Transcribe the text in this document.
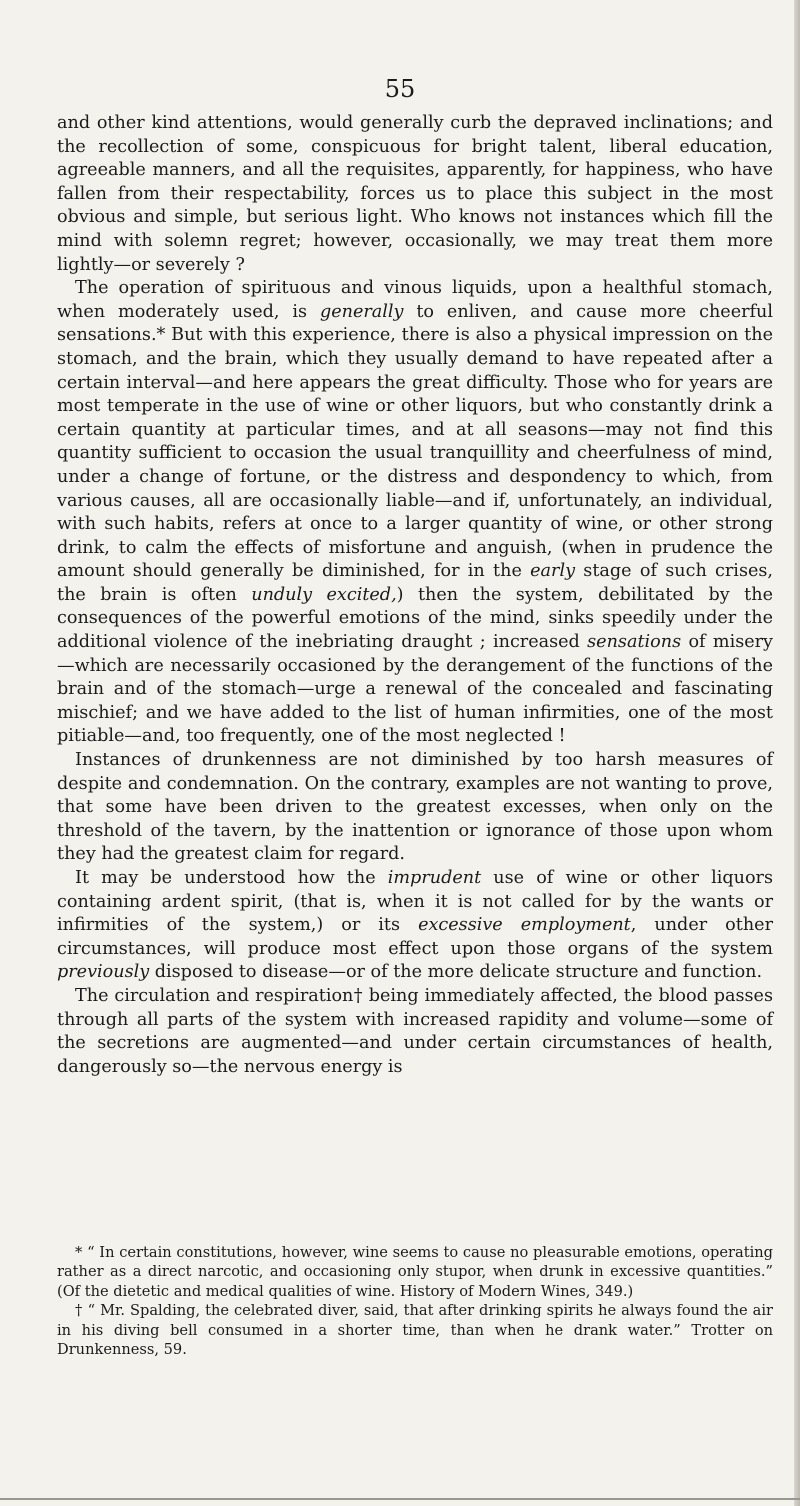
55

and other kind attentions, would generally curb the depraved inclinations; and the recollection of some, conspicuous for bright talent, liberal education, agreeable manners, and all the requisites, apparently, for happiness, who have fallen from their respectability, forces us to place this subject in the most obvious and simple, but serious light. Who knows not instances which fill the mind with solemn regret; however, occasionally, we may treat them more lightly—or severely ?

The operation of spirituous and vinous liquids, upon a healthful stomach, when moderately used, is generally to enliven, and cause more cheerful sensations.* But with this experience, there is also a physical impression on the stomach, and the brain, which they usually demand to have repeated after a certain interval—and here appears the great difficulty. Those who for years are most temperate in the use of wine or other liquors, but who constantly drink a certain quantity at particular times, and at all seasons—may not find this quantity sufficient to occasion the usual tranquillity and cheerfulness of mind, under a change of fortune, or the distress and despondency to which, from various causes, all are occasionally liable—and if, unfortunately, an individual, with such habits, refers at once to a larger quantity of wine, or other strong drink, to calm the effects of misfortune and anguish, (when in prudence the amount should generally be diminished, for in the early stage of such crises, the brain is often unduly excited,) then the system, debilitated by the consequences of the powerful emotions of the mind, sinks speedily under the additional violence of the inebriating draught ; increased sensations of misery—which are necessarily occasioned by the derangement of the functions of the brain and of the stomach—urge a renewal of the concealed and fascinating mischief; and we have added to the list of human infirmities, one of the most pitiable—and, too frequently, one of the most neglected !

Instances of drunkenness are not diminished by too harsh measures of despite and condemnation. On the contrary, examples are not wanting to prove, that some have been driven to the greatest excesses, when only on the threshold of the tavern, by the inattention or ignorance of those upon whom they had the greatest claim for regard.

It may be understood how the imprudent use of wine or other liquors containing ardent spirit, (that is, when it is not called for by the wants or infirmities of the system,) or its excessive employment, under other circumstances, will produce most effect upon those organs of the system previously disposed to disease—or of the more delicate structure and function.

The circulation and respiration† being immediately affected, the blood passes through all parts of the system with increased rapidity and volume—some of the secretions are augmented—and under certain circumstances of health, dangerously so—the nervous energy is

* “ In certain constitutions, however, wine seems to cause no pleasurable emotions, operating rather as a direct narcotic, and occasioning only stupor, when drunk in excessive quantities.” (Of the dietetic and medical qualities of wine. History of Modern Wines, 349.)

† “ Mr. Spalding, the celebrated diver, said, that after drinking spirits he always found the air in his diving bell consumed in a shorter time, than when he drank water.” Trotter on Drunkenness, 59.
